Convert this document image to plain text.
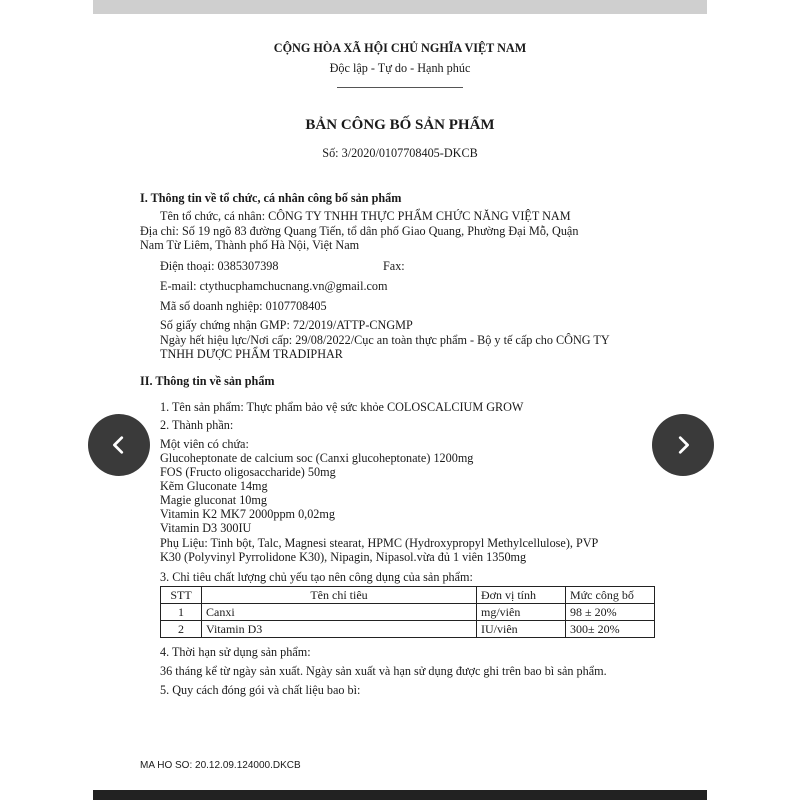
CỘNG HÒA XÃ HỘI CHỦ NGHĨA VIỆT NAM
Độc lập - Tự do - Hạnh phúc
BẢN CÔNG BỐ SẢN PHẨM
Số: 3/2020/0107708405-DKCB
I. Thông tin về tổ chức, cá nhân công bố sản phẩm
Tên tổ chức, cá nhân: CÔNG TY TNHH THỰC PHẨM CHỨC NĂNG VIỆT NAM
Địa chỉ: Số 19 ngõ 83 đường Quang Tiến, tổ dân phố Giao Quang, Phường Đại Mỗ, Quận
Nam Từ Liêm, Thành phố Hà Nội, Việt Nam
Điện thoại: 0385307398	Fax:
E-mail: ctythucphamchucnang.vn@gmail.com
Mã số doanh nghiệp: 0107708405
Số giấy chứng nhận GMP: 72/2019/ATTP-CNGMP
Ngày hết hiệu lực/Nơi cấp: 29/08/2022/Cục an toàn thực phẩm - Bộ y tế cấp cho CÔNG TY
TNHH DƯỢC PHẨM TRADIPHAR
II. Thông tin về sản phẩm
1. Tên sản phẩm: Thực phẩm bảo vệ sức khỏe COLOSCALCIUM GROW
2. Thành phần:
Một viên có chứa:
Glucoheptonate de calcium soc (Canxi glucoheptonate) 1200mg
FOS (Fructo oligosaccharide) 50mg
Kẽm Gluconate 14mg
Magie gluconat 10mg
Vitamin K2 MK7 2000ppm 0,02mg
Vitamin D3 300IU
Phụ Liệu: Tinh bột, Talc, Magnesi stearat, HPMC (Hydroxypropyl Methylcellulose), PVP
K30 (Polyvinyl Pyrrolidone K30), Nipagin, Nipasol.vừa đủ 1 viên 1350mg
3. Chỉ tiêu chất lượng chủ yếu tạo nên công dụng của sản phẩm:
STT	Tên chỉ tiêu	Đơn vị tính	Mức công bố
1	Canxi	mg/viên	98 ± 20%
2	Vitamin D3	IU/viên	300± 20%
4. Thời hạn sử dụng sản phẩm:
36 tháng kể từ ngày sản xuất. Ngày sản xuất và hạn sử dụng được ghi trên bao bì sản phẩm.
5. Quy cách đóng gói và chất liệu bao bì:
MA HO SO: 20.12.09.124000.DKCB
